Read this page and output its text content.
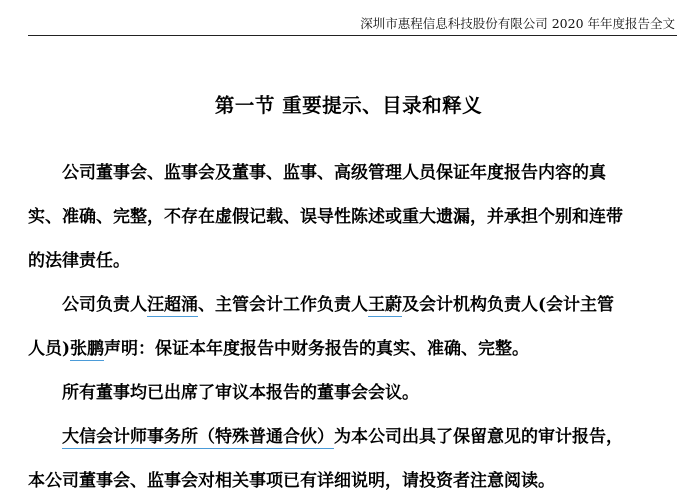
深圳市惠程信息科技股份有限公司 2020 年年度报告全文
第一节 重要提示、目录和释义
公司董事会、监事会及董事、监事、高级管理人员保证年度报告内容的真
实、准确、完整，不存在虚假记载、误导性陈述或重大遗漏，并承担个别和连带
的法律责任。
公司负责人汪超涌、主管会计工作负责人王蔚及会计机构负责人(会计主管
人员)张鹏声明：保证本年度报告中财务报告的真实、准确、完整。
所有董事均已出席了审议本报告的董事会会议。
大信会计师事务所（特殊普通合伙）为本公司出具了保留意见的审计报告，
本公司董事会、监事会对相关事项已有详细说明，请投资者注意阅读。
